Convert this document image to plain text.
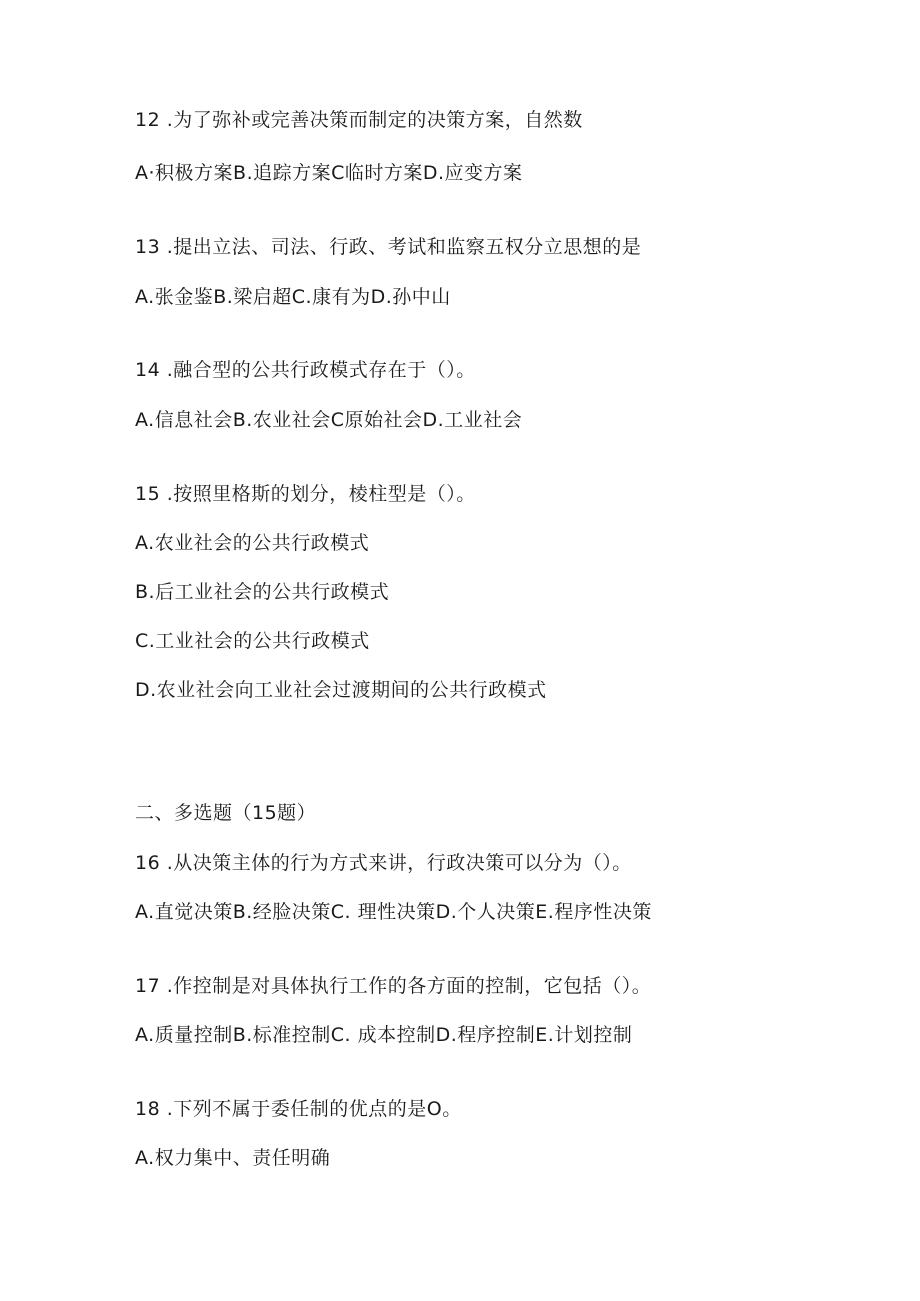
12 .为了弥补或完善决策而制定的决策方案，自然数
A·积极方案B.追踪方案C临时方案D.应变方案
13 .提出立法、司法、行政、考试和监察五权分立思想的是
A.张金鉴B.梁启超C.康有为D.孙中山
14 .融合型的公共行政模式存在于（）。
A.信息社会B.农业社会C原始社会D.工业社会
15 .按照里格斯的划分，棱柱型是（）。
A.农业社会的公共行政模式
B.后工业社会的公共行政模式
C.工业社会的公共行政模式
D.农业社会向工业社会过渡期间的公共行政模式
二、多选题（15题）
16 .从决策主体的行为方式来讲，行政决策可以分为（）。
A.直觉决策B.经脸决策C. 理性决策D.个人决策E.程序性决策
17 .作控制是对具体执行工作的各方面的控制，它包括（）。
A.质量控制B.标准控制C. 成本控制D.程序控制E.计划控制
18 .下列不属于委任制的优点的是O。
A.权力集中、责任明确
